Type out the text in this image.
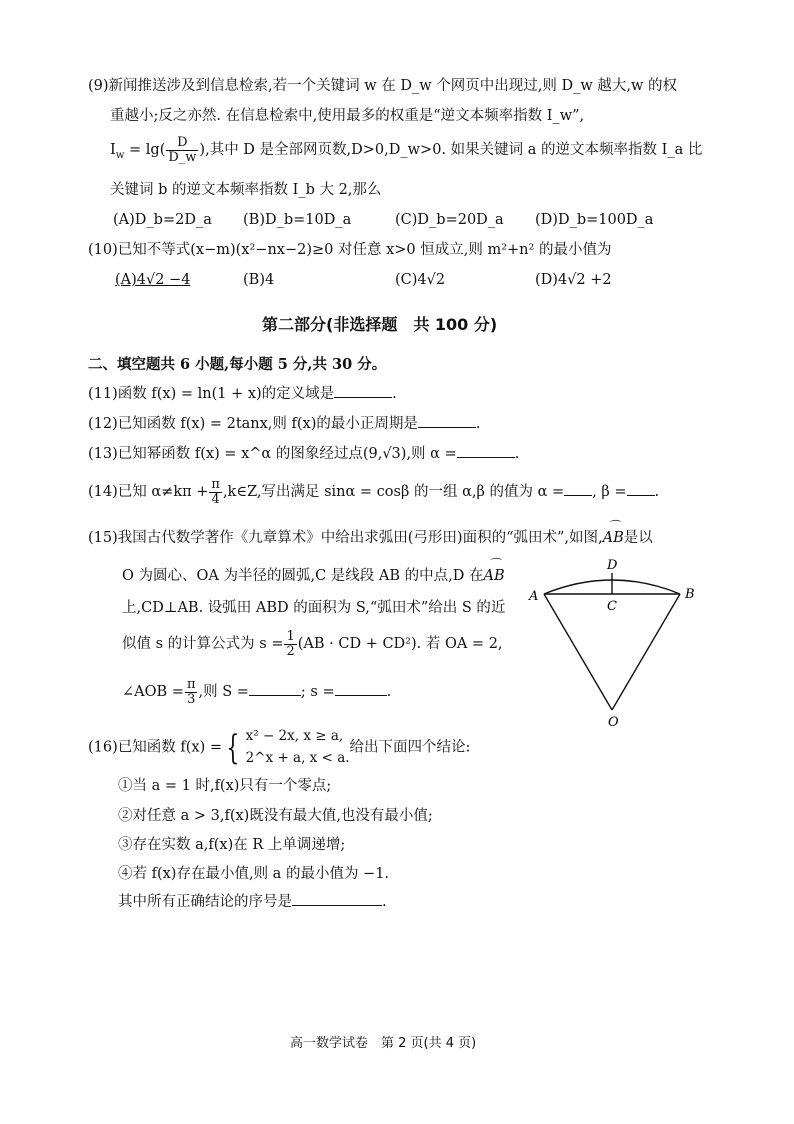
(9)新闻推送涉及到信息检索,若一个关键词 w 在 D_w 个网页中出现过,则 D_w 越大,w 的权
重越小;反之亦然. 在信息检索中,使用最多的权重是“逆文本频率指数 I_w”,
$I_w = \lg( \frac{D}{D\_w}$ ),其中 D 是全部网页数,D>0,D_w>0. 如果关键词 a 的逆文本频率指数 I_a 比
关键词 b 的逆文本频率指数 I_b 大 2,那么
(A)D_b=2D_a (B)D_b=10D_a	(C)D_b=20D_a (D)D_b=100D_a
(10)已知不等式(x−m)(x²−nx−2)≥0 对任意 x>0 恒成立,则 m²+n² 的最小值为
(A)4√2 −4	(B)4	(C)4√2	(D)4√2 +2
第二部分(非选择题　共 100 分)
二、填空题共 6 小题,每小题 5 分,共 30 分。
(11)函数 f(x) = ln(1 + x)的定义域是	.
(12)已知函数 f(x) = 2tanx,则 f(x)的最小正周期是	.
(13)已知幂函数 f(x) = x^α 的图象经过点(9,√3),则 α =	.
(14)已知 $\alpha\ne k\pi + \frac{\pi}{4}$ ,k∈Z,写出满足 sinα = cosβ 的一组 α,β 的值为 α = , β = .
(15)我国古代数学著作《九章算术》中给出求弧田(弓形田)面积的“弧田术”,如图,⌒ AB是以
O 为圆心、OA 为半径的圆弧,C 是线段 AB 的中点,D 在⌒ AB
上,CD⊥AB. 设弧田 ABD 的面积为 S,“弧田术”给出 S 的近
似值 s 的计算公式为 $s = \frac{1}{2} (AB$ · CD + CD²). 若 OA = 2,
∠AOB = $\frac{\pi}{3}$ ,则 S =	; s =	.
A	B
D
C
O
(16)已知函数 f(x) = { x² − 2x, x ≥ a,
2^x + a, x < a.
给出下面四个结论:
①当 a = 1 时,f(x)只有一个零点;
②对任意 a > 3,f(x)既没有最大值,也没有最小值;
③存在实数 a,f(x)在 R 上单调递增;
④若 f(x)存在最小值,则 a 的最小值为 −1.
其中所有正确结论的序号是	.
高一数学试卷　第 2 页(共 4 页)
